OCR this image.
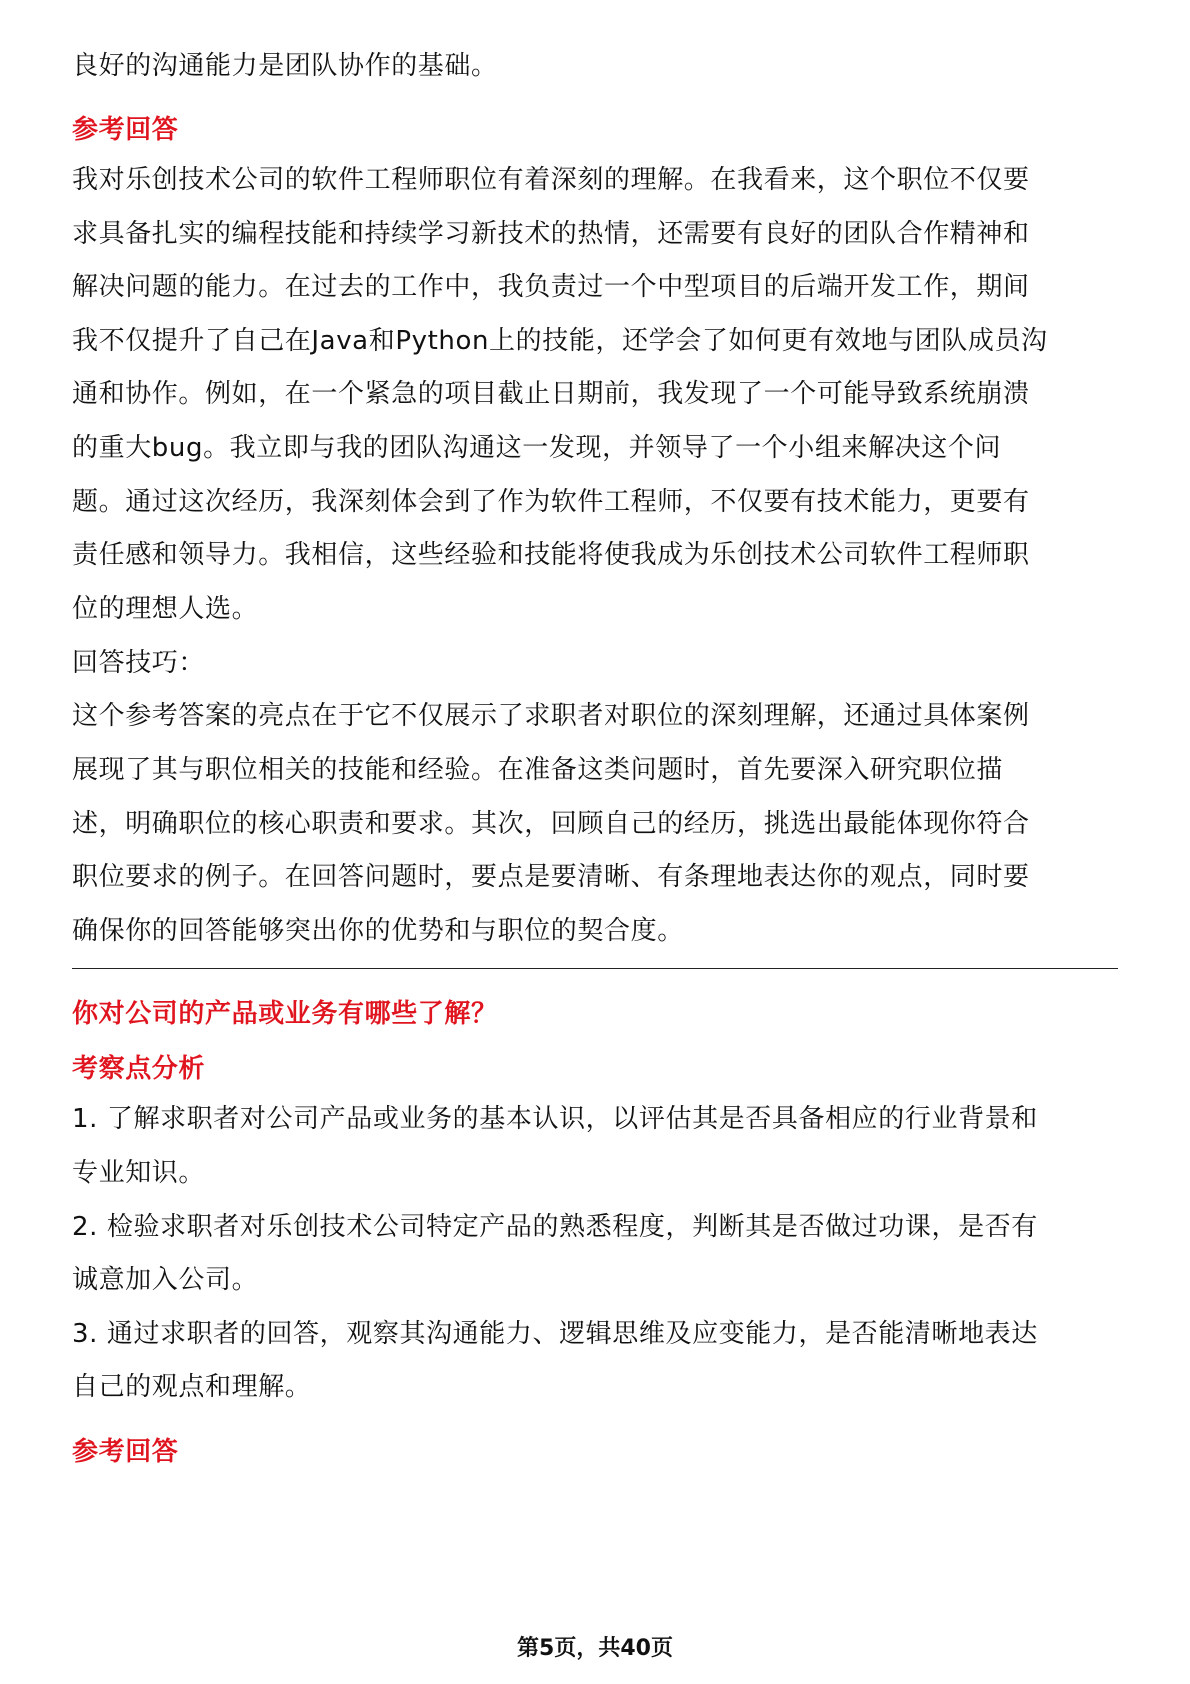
良好的沟通能力是团队协作的基础。
参考回答
我对乐创技术公司的软件工程师职位有着深刻的理解。在我看来，这个职位不仅要
求具备扎实的编程技能和持续学习新技术的热情，还需要有良好的团队合作精神和
解决问题的能力。在过去的工作中，我负责过一个中型项目的后端开发工作，期间
我不仅提升了自己在Java和Python上的技能，还学会了如何更有效地与团队成员沟
通和协作。例如，在一个紧急的项目截止日期前，我发现了一个可能导致系统崩溃
的重大bug。我立即与我的团队沟通这一发现，并领导了一个小组来解决这个问
题。通过这次经历，我深刻体会到了作为软件工程师，不仅要有技术能力，更要有
责任感和领导力。我相信，这些经验和技能将使我成为乐创技术公司软件工程师职
位的理想人选。
回答技巧：
这个参考答案的亮点在于它不仅展示了求职者对职位的深刻理解，还通过具体案例
展现了其与职位相关的技能和经验。在准备这类问题时，首先要深入研究职位描
述，明确职位的核心职责和要求。其次，回顾自己的经历，挑选出最能体现你符合
职位要求的例子。在回答问题时，要点是要清晰、有条理地表达你的观点，同时要
确保你的回答能够突出你的优势和与职位的契合度。
你对公司的产品或业务有哪些了解？
考察点分析
1. 了解求职者对公司产品或业务的基本认识，以评估其是否具备相应的行业背景和
专业知识。
2. 检验求职者对乐创技术公司特定产品的熟悉程度，判断其是否做过功课，是否有
诚意加入公司。
3. 通过求职者的回答，观察其沟通能力、逻辑思维及应变能力，是否能清晰地表达
自己的观点和理解。
参考回答
第5页，共40页
